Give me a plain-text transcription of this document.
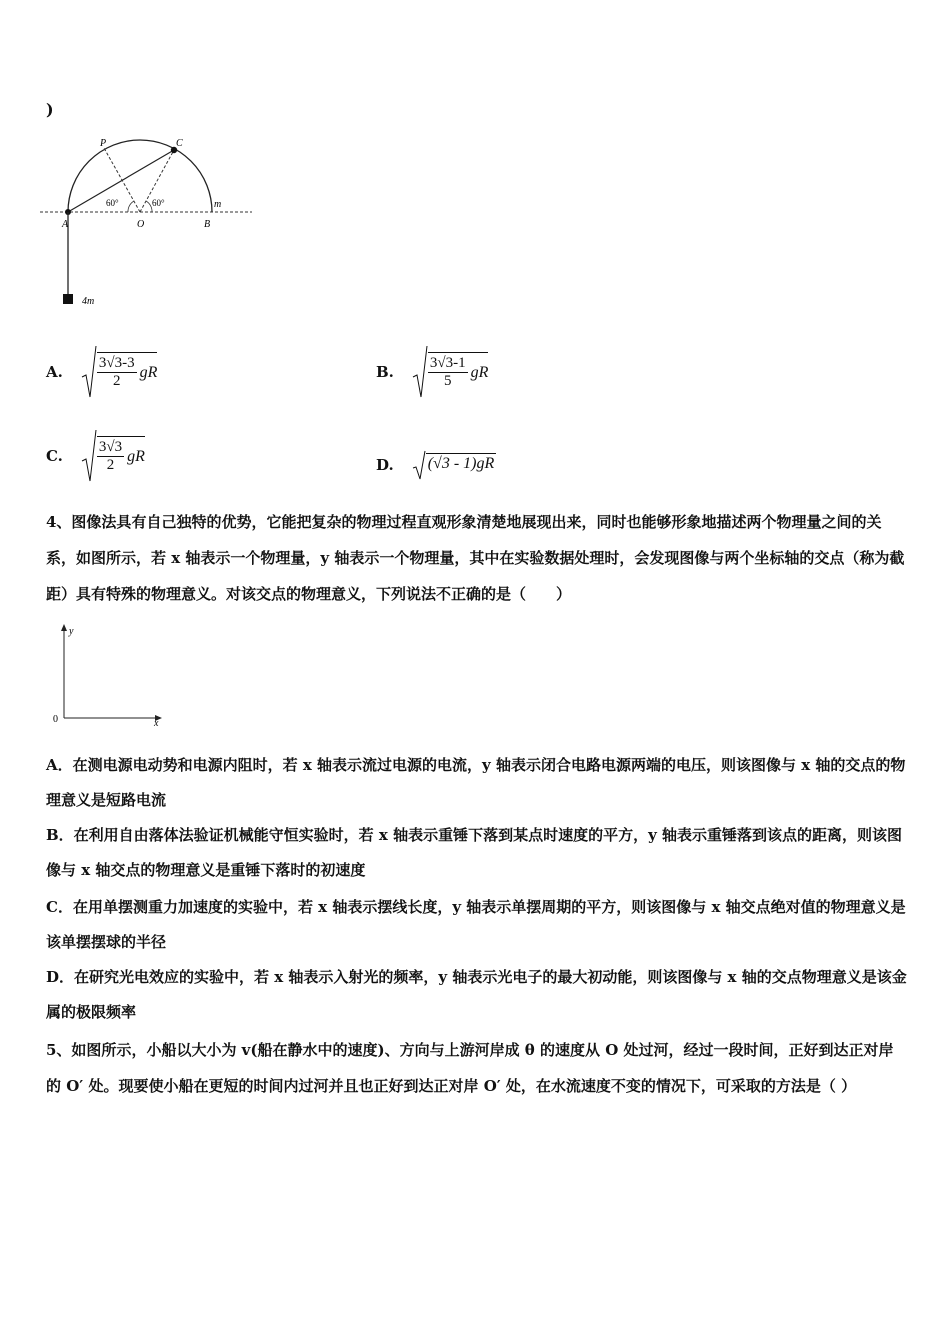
)
P	C
A	O	B
m
4m
60°	60°
A. $\frac{3√3-3}{2}$ gR	B. $\frac{3√3-1}{5}$ gR
C. $\frac{3√3}{2}$ gR	D. (√3 - 1)gR
4、图像法具有自己独特的优势，它能把复杂的物理过程直观形象清楚地展现出来，同时也能够形象地描述两个物理量之间的关系，如图所示，若 x 轴表示一个物理量，y 轴表示一个物理量，其中在实验数据处理时，会发现图像与两个坐标轴的交点（称为截距）具有特殊的物理意义。对该交点的物理意义，下列说法不正确的是（　　）
y
x
0
A．在测电源电动势和电源内阻时，若 x 轴表示流过电源的电流，y 轴表示闭合电路电源两端的电压，则该图像与 x 轴的交点的物理意义是短路电流
B．在利用自由落体法验证机械能守恒实验时，若 x 轴表示重锤下落到某点时速度的平方，y 轴表示重锤落到该点的距离，则该图像与 x 轴交点的物理意义是重锤下落时的初速度
C．在用单摆测重力加速度的实验中，若 x 轴表示摆线长度，y 轴表示单摆周期的平方，则该图像与 x 轴交点绝对值的物理意义是该单摆摆球的半径
D．在研究光电效应的实验中，若 x 轴表示入射光的频率，y 轴表示光电子的最大初动能，则该图像与 x 轴的交点物理意义是该金属的极限频率
5、如图所示，小船以大小为 v(船在静水中的速度)、方向与上游河岸成 θ 的速度从 O 处过河，经过一段时间，正好到达正对岸的 O′ 处。现要使小船在更短的时间内过河并且也正好到达正对岸 O′ 处，在水流速度不变的情况下，可采取的方法是（ ）
